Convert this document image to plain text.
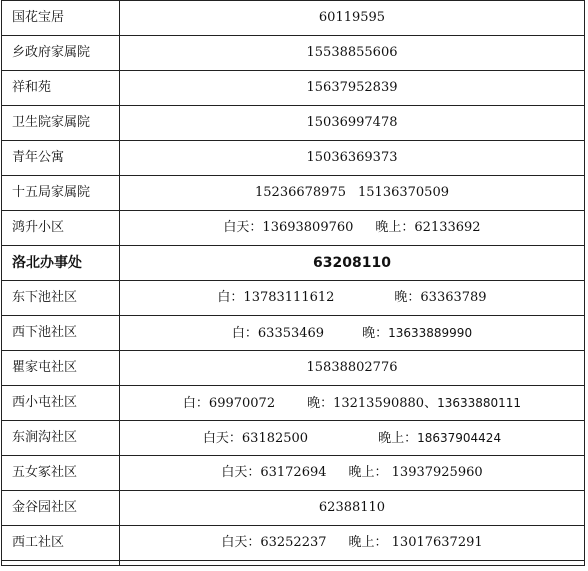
国花宝居	60119595
乡政府家属院	15538855606
祥和苑	15637952839
卫生院家属院	15036997478
青年公寓	15036369373
十五局家属院	15236678975 15136370509
鸿升小区	白天：13693809760 晚上：62133692
洛北办事处	63208110
东下池社区	白：13783111612 晚：63363789
西下池社区	白：63353469 晚：13633889990
瞿家屯社区	15838802776
西小屯社区	白：69970072 晚：13213590880、13633880111
东涧沟社区	白天：63182500 晚上：18637904424
五女冢社区	白天：63172694 晚上： 13937925960
金谷园社区	62388110
西工社区	白天：63252237 晚上： 13017637291
